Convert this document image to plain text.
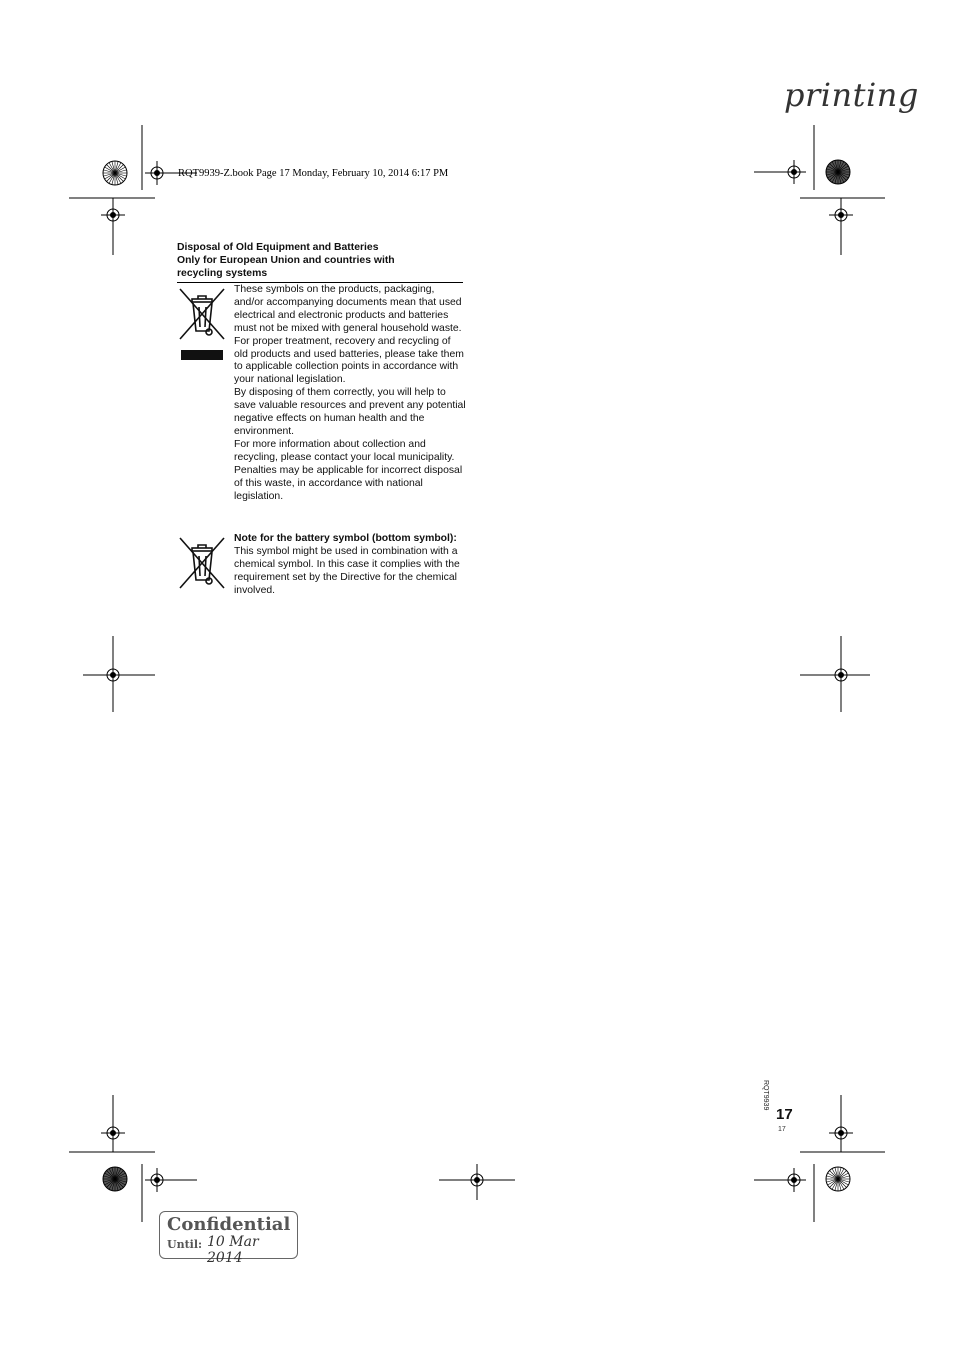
printing
RQT9939-Z.book Page 17 Monday, February 10, 2014 6:17 PM
Disposal of Old Equipment and Batteries
Only for European Union and countries with
recycling systems

These symbols on the products, packaging, and/or accompanying documents mean that used electrical and electronic products and batteries must not be mixed with general household waste.

For proper treatment, recovery and recycling of old products and used batteries, please take them to applicable collection points in accordance with your national legislation.

By disposing of them correctly, you will help to save valuable resources and prevent any potential negative effects on human health and the environment.

For more information about collection and recycling, please contact your local municipality.

Penalties may be applicable for incorrect disposal of this waste, in accordance with national legislation.

Note for the battery symbol (bottom symbol):

This symbol might be used in combination with a chemical symbol. In this case it complies with the requirement set by the Directive for the chemical involved.

RQT9939
17
17
Confidential
Until: 10 Mar 2014
